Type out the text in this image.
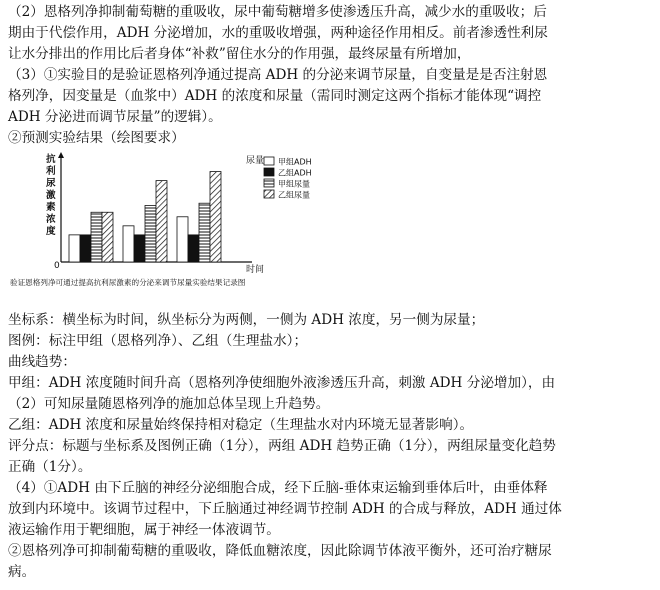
（2）恩格列净抑制葡萄糖的重吸收，尿中葡萄糖增多使渗透压升高，减少水的重吸收；后
期由于代偿作用，ADH 分泌增加，水的重吸收增强，两种途径作用相反。前者渗透性利尿
让水分排出的作用比后者身体“补救”留住水分的作用强，最终尿量有所增加，
（3）①实验目的是验证恩格列净通过提高 ADH 的分泌来调节尿量，自变量是是否注射恩
格列净，因变量是（血浆中）ADH 的浓度和尿量（需同时测定这两个指标才能体现“调控
ADH 分泌进而调节尿量”的逻辑）。
②预测实验结果（绘图要求）
抗利尿激素浓度
尿量
0	时间
甲组ADH
乙组ADH
甲组尿量
乙组尿量
验证恩格列净可通过提高抗利尿激素的分泌来调节尿量实验结果记录图
坐标系：横坐标为时间，纵坐标分为两侧，一侧为 ADH 浓度，另一侧为尿量；
图例：标注甲组（恩格列净）、乙组（生理盐水）；
曲线趋势：
甲组：ADH 浓度随时间升高（恩格列净使细胞外液渗透压升高，刺激 ADH 分泌增加），由
（2）可知尿量随恩格列净的施加总体呈现上升趋势。
乙组：ADH 浓度和尿量始终保持相对稳定（生理盐水对内环境无显著影响）。
评分点：标题与坐标系及图例正确（1分），两组 ADH 趋势正确（1分），两组尿量变化趋势
正确（1分）。
（4）①ADH 由下丘脑的神经分泌细胞合成，经下丘脑-垂体束运输到垂体后叶，由垂体释
放到内环境中。该调节过程中，下丘脑通过神经调节控制 ADH 的合成与释放，ADH 通过体
液运输作用于靶细胞，属于神经一体液调节。
②恩格列净可抑制葡萄糖的重吸收，降低血糖浓度，因此除调节体液平衡外，还可治疗糖尿
病。
